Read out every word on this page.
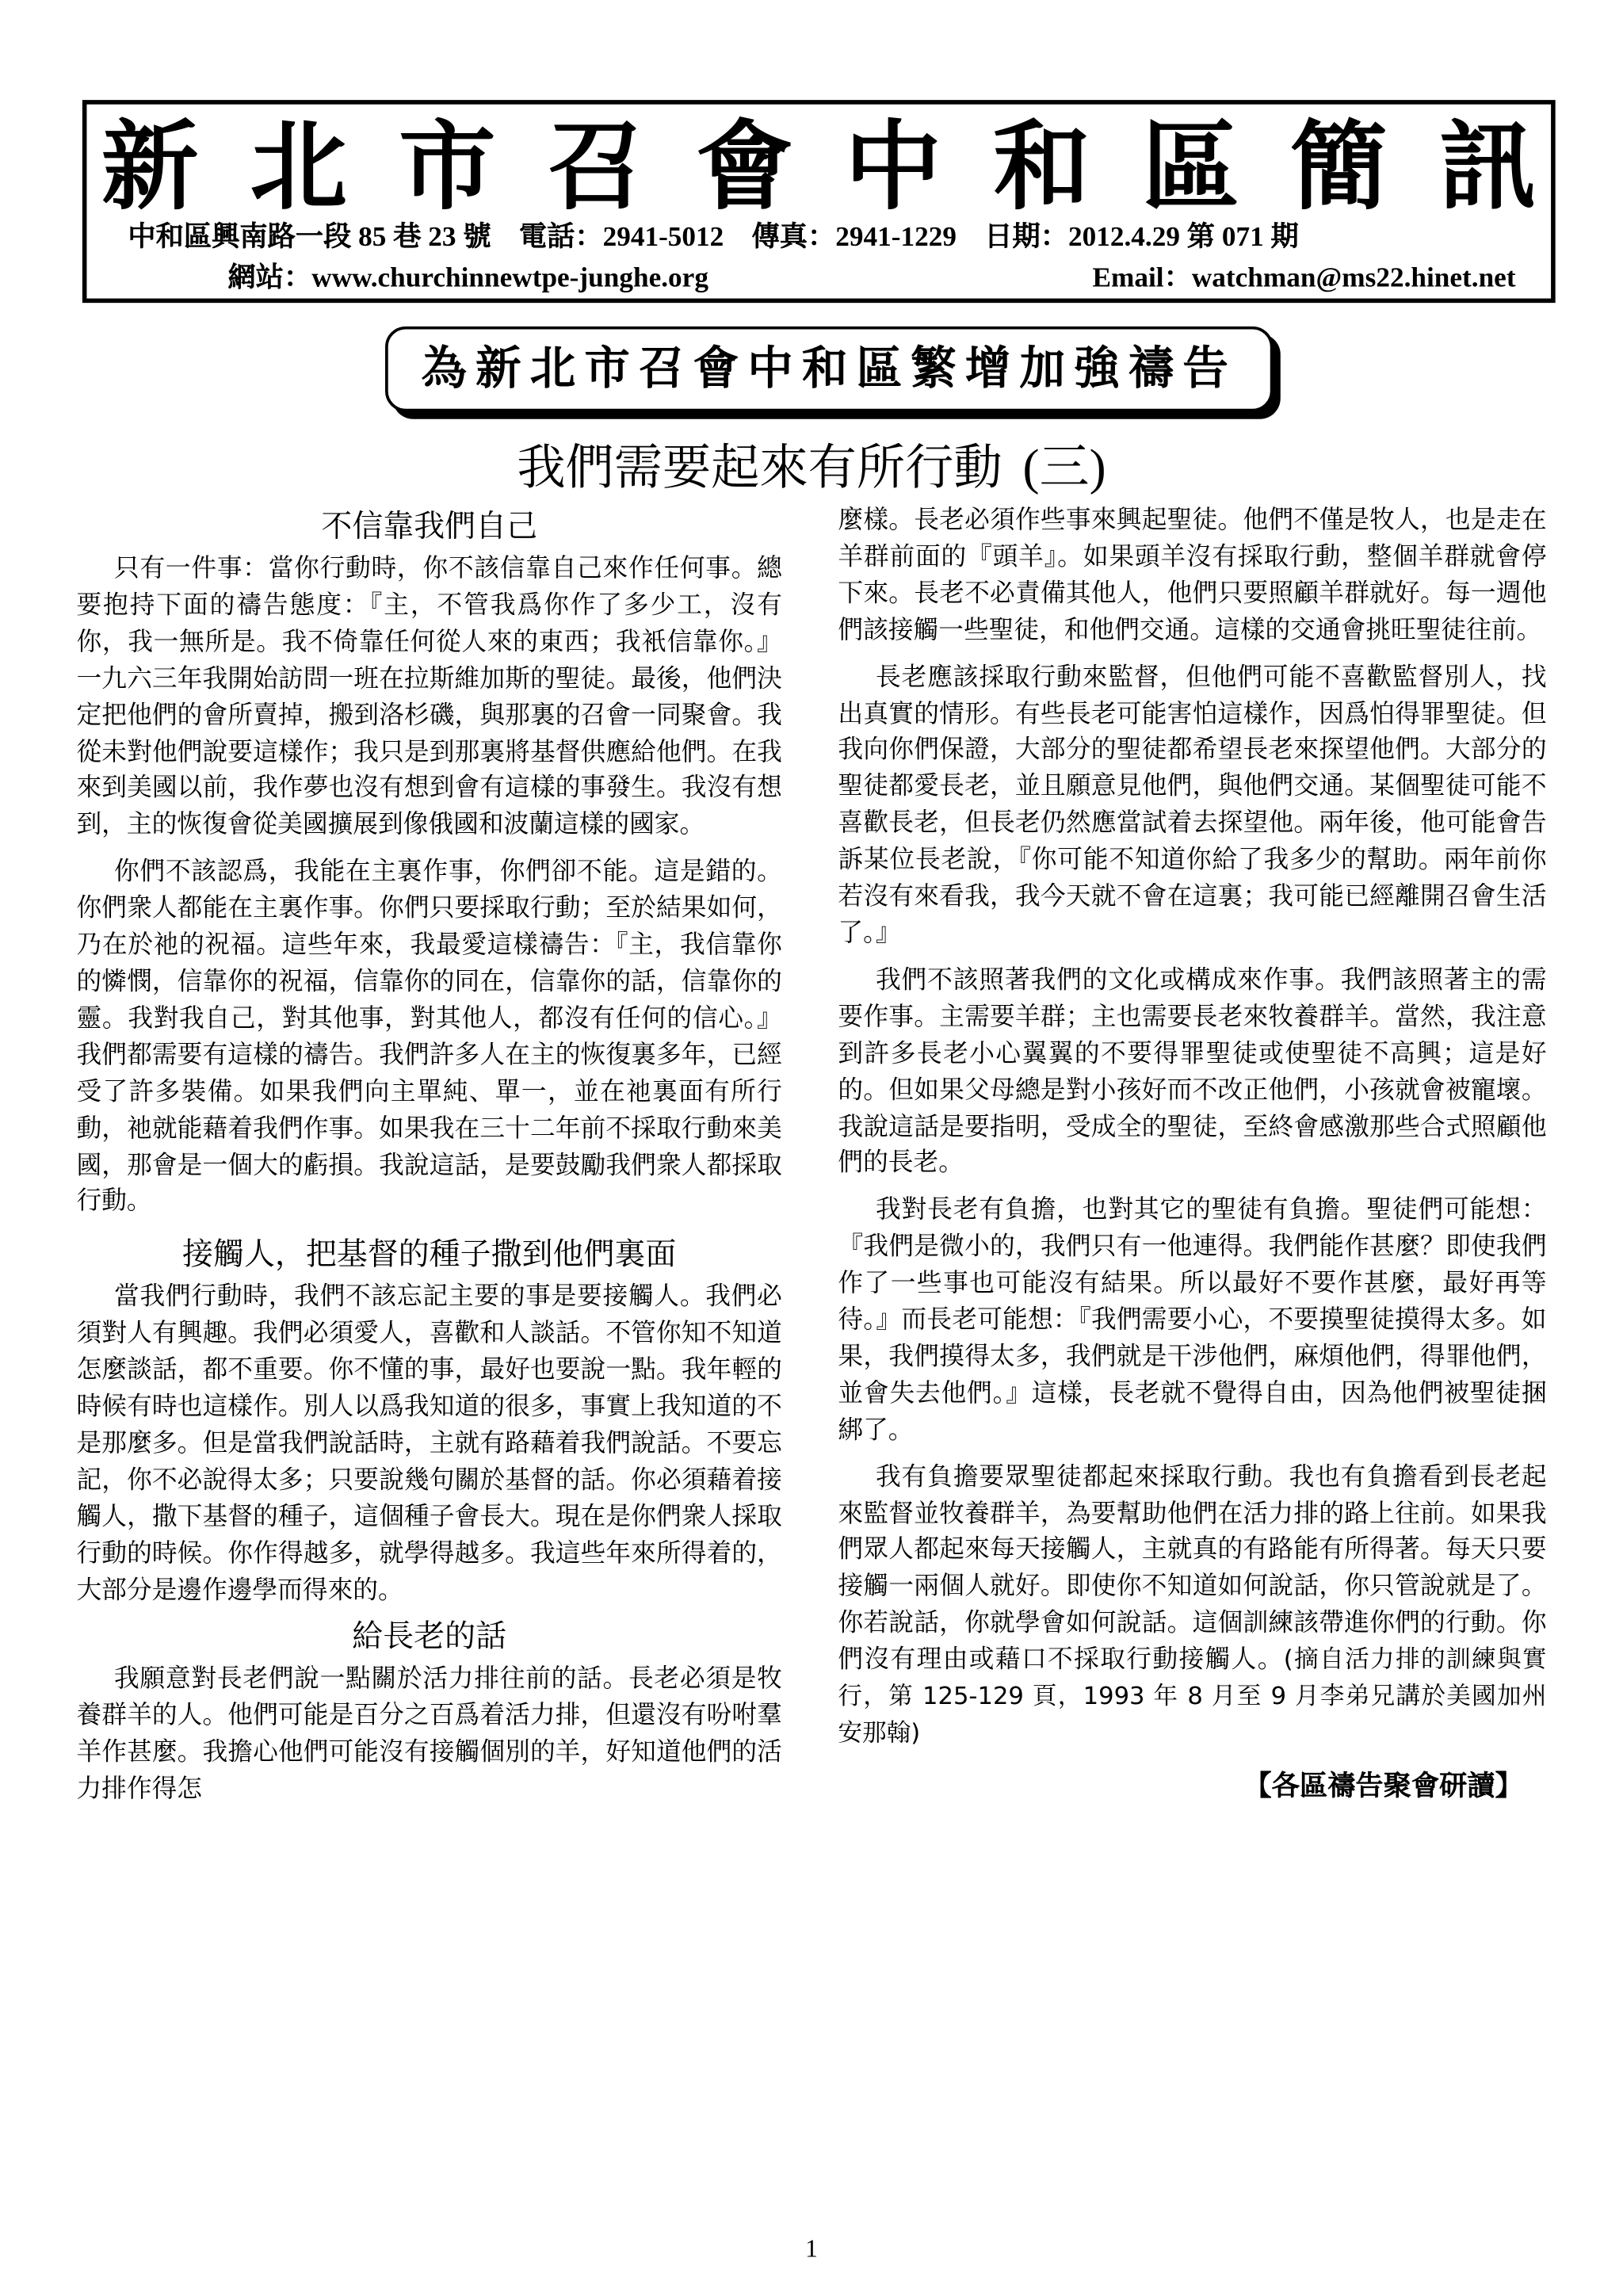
新 北 市 召 會 中 和 區 簡 訊
中和區興南路一段 85 巷 23 號　電話：2941-5012　傳真：2941-1229　日期：2012.4.29 第 071 期
網站：www.churchinnewtpe-junghe.org	Email：watchman@ms22.hinet.net
為新北市召會中和區繁增加強禱告
我們需要起來有所行動 (三)
不信靠我們自己

只有一件事：當你行動時，你不該信靠自己來作任何事。總要抱持下面的禱告態度：『主，不管我爲你作了多少工，沒有你，我一無所是。我不倚靠任何從人來的東西；我衹信靠你。』一九六三年我開始訪問一班在拉斯維加斯的聖徒。最後，他們決定把他們的會所賣掉，搬到洛杉磯，與那裏的召會一同聚會。我從未對他們說要這樣作；我只是到那裏將基督供應給他們。在我來到美國以前，我作夢也沒有想到會有這樣的事發生。我沒有想到，主的恢復會從美國擴展到像俄國和波蘭這樣的國家。

你們不該認爲，我能在主裏作事，你們卻不能。這是錯的。你們衆人都能在主裏作事。你們只要採取行動；至於結果如何，乃在於祂的祝福。這些年來，我最愛這樣禱告：『主，我信靠你的憐憫，信靠你的祝福，信靠你的同在，信靠你的話，信靠你的靈。我對我自己，對其他事，對其他人，都沒有任何的信心。』我們都需要有這樣的禱告。我們許多人在主的恢復裏多年，已經受了許多裝備。如果我們向主單純、單一，並在祂裏面有所行動，祂就能藉着我們作事。如果我在三十二年前不採取行動來美國，那會是一個大的虧損。我說這話，是要鼓勵我們衆人都採取行動。

接觸人，把基督的種子撒到他們裏面

當我們行動時，我們不該忘記主要的事是要接觸人。我們必須對人有興趣。我們必須愛人，喜歡和人談話。不管你知不知道怎麼談話，都不重要。你不懂的事，最好也要說一點。我年輕的時候有時也這樣作。別人以爲我知道的很多，事實上我知道的不是那麼多。但是當我們說話時，主就有路藉着我們說話。不要忘記，你不必說得太多；只要說幾句關於基督的話。你必須藉着接觸人，撒下基督的種子，這個種子會長大。現在是你們衆人採取行動的時候。你作得越多，就學得越多。我這些年來所得着的，大部分是邊作邊學而得來的。

給長老的話

我願意對長老們說一點關於活力排往前的話。長老必須是牧養群羊的人。他們可能是百分之百爲着活力排，但還沒有吩咐羣羊作甚麼。我擔心他們可能沒有接觸個別的羊，好知道他們的活力排作得怎

麼樣。長老必須作些事來興起聖徒。他們不僅是牧人，也是走在羊群前面的『頭羊』。如果頭羊沒有採取行動，整個羊群就會停下來。長老不必責備其他人，他們只要照顧羊群就好。每一週他們該接觸一些聖徒，和他們交通。這樣的交通會挑旺聖徒往前。

長老應該採取行動來監督，但他們可能不喜歡監督別人，找出真實的情形。有些長老可能害怕這樣作，因爲怕得罪聖徒。但我向你們保證，大部分的聖徒都希望長老來探望他們。大部分的聖徒都愛長老，並且願意見他們，與他們交通。某個聖徒可能不喜歡長老，但長老仍然應當試着去探望他。兩年後，他可能會告訴某位長老說，『你可能不知道你給了我多少的幫助。兩年前你若沒有來看我，我今天就不會在這裏；我可能已經離開召會生活了。』

我們不該照著我們的文化或構成來作事。我們該照著主的需要作事。主需要羊群；主也需要長老來牧養群羊。當然，我注意到許多長老小心翼翼的不要得罪聖徒或使聖徒不高興；這是好的。但如果父母總是對小孩好而不改正他們，小孩就會被寵壞。我說這話是要指明，受成全的聖徒，至終會感激那些合式照顧他們的長老。

我對長老有負擔，也對其它的聖徒有負擔。聖徒們可能想：『我們是微小的，我們只有一他連得。我們能作甚麼？即使我們作了一些事也可能沒有結果。所以最好不要作甚麼，最好再等待。』而長老可能想：『我們需要小心，不要摸聖徒摸得太多。如果，我們摸得太多，我們就是干涉他們，麻煩他們，得罪他們，並會失去他們。』這樣，長老就不覺得自由，因為他們被聖徒捆綁了。

我有負擔要眾聖徒都起來採取行動。我也有負擔看到長老起來監督並牧養群羊，為要幫助他們在活力排的路上往前。如果我們眾人都起來每天接觸人，主就真的有路能有所得著。每天只要接觸一兩個人就好。即使你不知道如何說話，你只管說就是了。你若說話，你就學會如何說話。這個訓練該帶進你們的行動。你們沒有理由或藉口不採取行動接觸人。(摘自活力排的訓練與實行，第 125-129 頁，1993 年 8 月至 9 月李弟兄講於美國加州安那翰)

【各區禱告聚會研讀】
1
